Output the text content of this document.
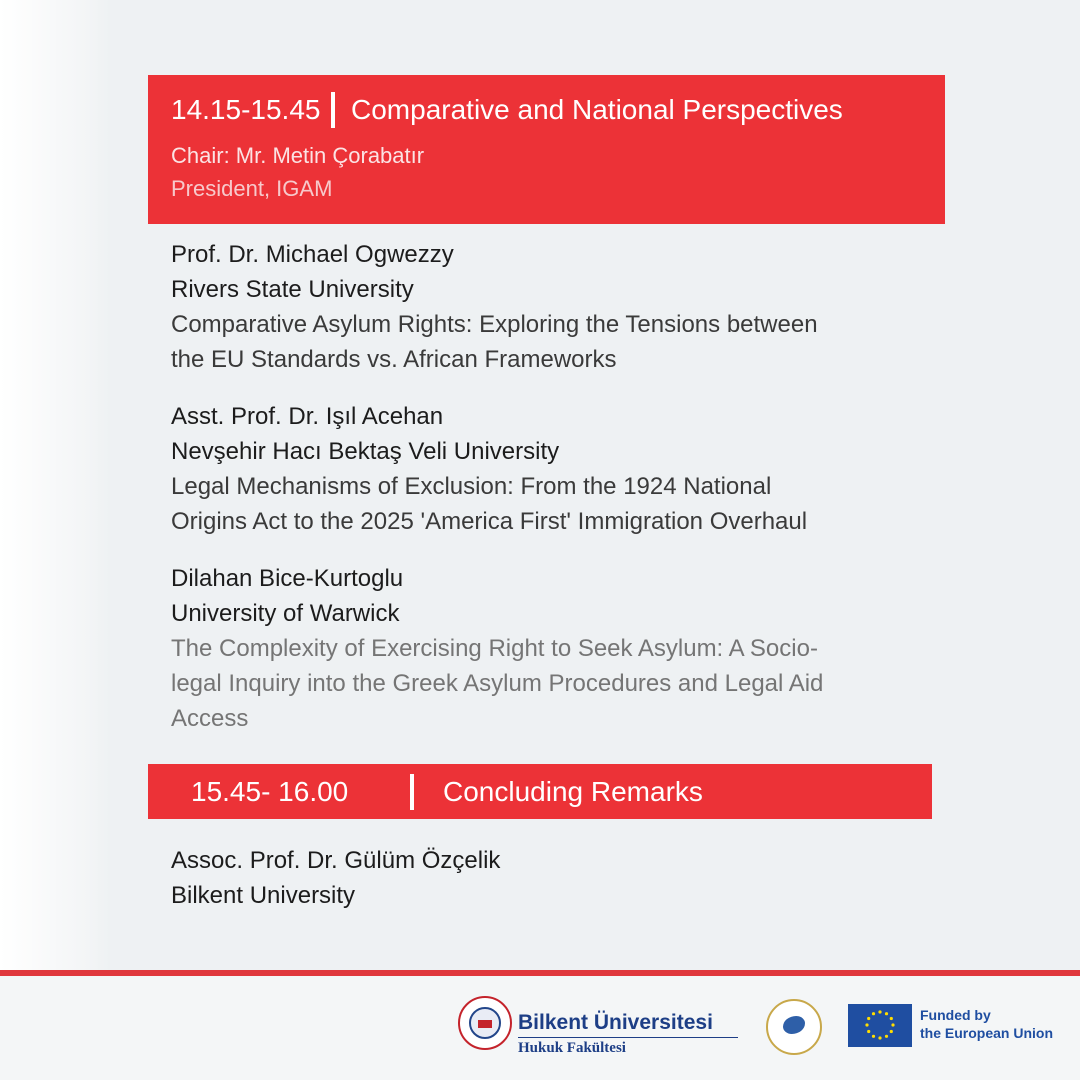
14.15-15.45 Comparative and National Perspectives
Chair: Mr. Metin Çorabatır
President, IGAM
Prof. Dr. Michael Ogwezzy
Rivers State University
Comparative Asylum Rights: Exploring the Tensions between
the EU Standards vs. African Frameworks
Asst. Prof. Dr. Işıl Acehan
Nevşehir Hacı Bektaş Veli University
Legal Mechanisms of Exclusion: From the 1924 National
Origins Act to the 2025 'America First' Immigration Overhaul
Dilahan Bice-Kurtoglu
University of Warwick
The Complexity of Exercising Right to Seek Asylum: A Socio-
legal Inquiry into the Greek Asylum Procedures and Legal Aid
Access
15.45- 16.00	Concluding Remarks
Assoc. Prof. Dr. Gülüm Özçelik
Bilkent University
Bilkent Üniversitesi
Hukuk Fakültesi
Funded by
the European Union
